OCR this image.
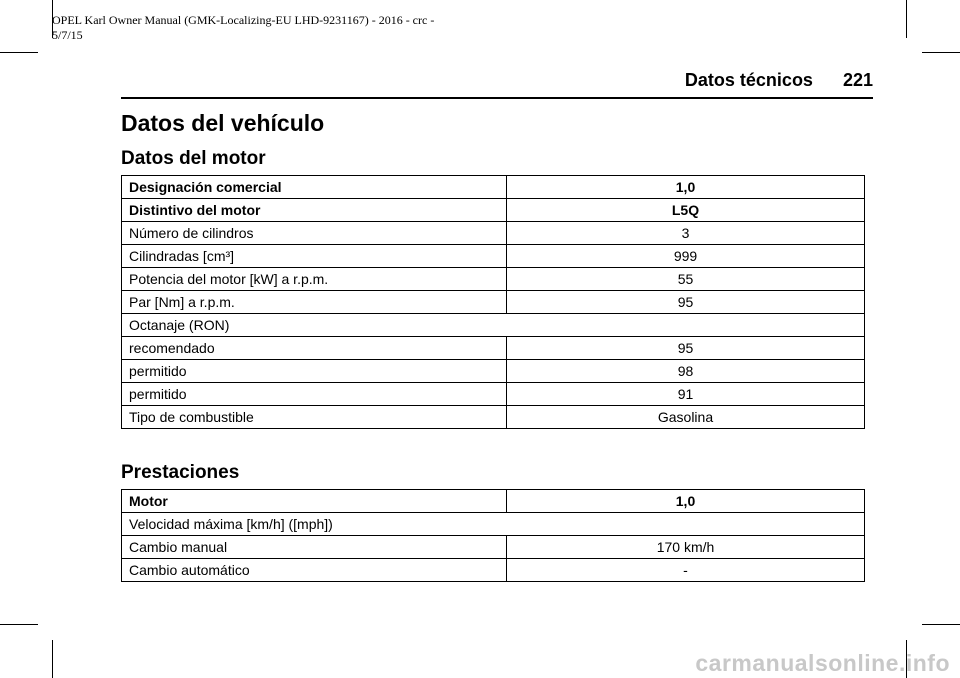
OPEL Karl Owner Manual (GMK-Localizing-EU LHD-9231167) - 2016 - crc -
5/7/15
Datos técnicos 221
Datos del vehículo
Datos del motor
Designación comercial	1,0
Distintivo del motor	L5Q
Número de cilindros	3
Cilindradas [cm³]	999
Potencia del motor [kW] a r.p.m.	55
Par [Nm] a r.p.m.	95
Octanaje (RON)	
recomendado	95
permitido	98
permitido	91
Tipo de combustible	Gasolina
Prestaciones
Motor	1,0
Velocidad máxima [km/h] ([mph])	
Cambio manual	170 km/h
Cambio automático	-
carmanualsonline.info
